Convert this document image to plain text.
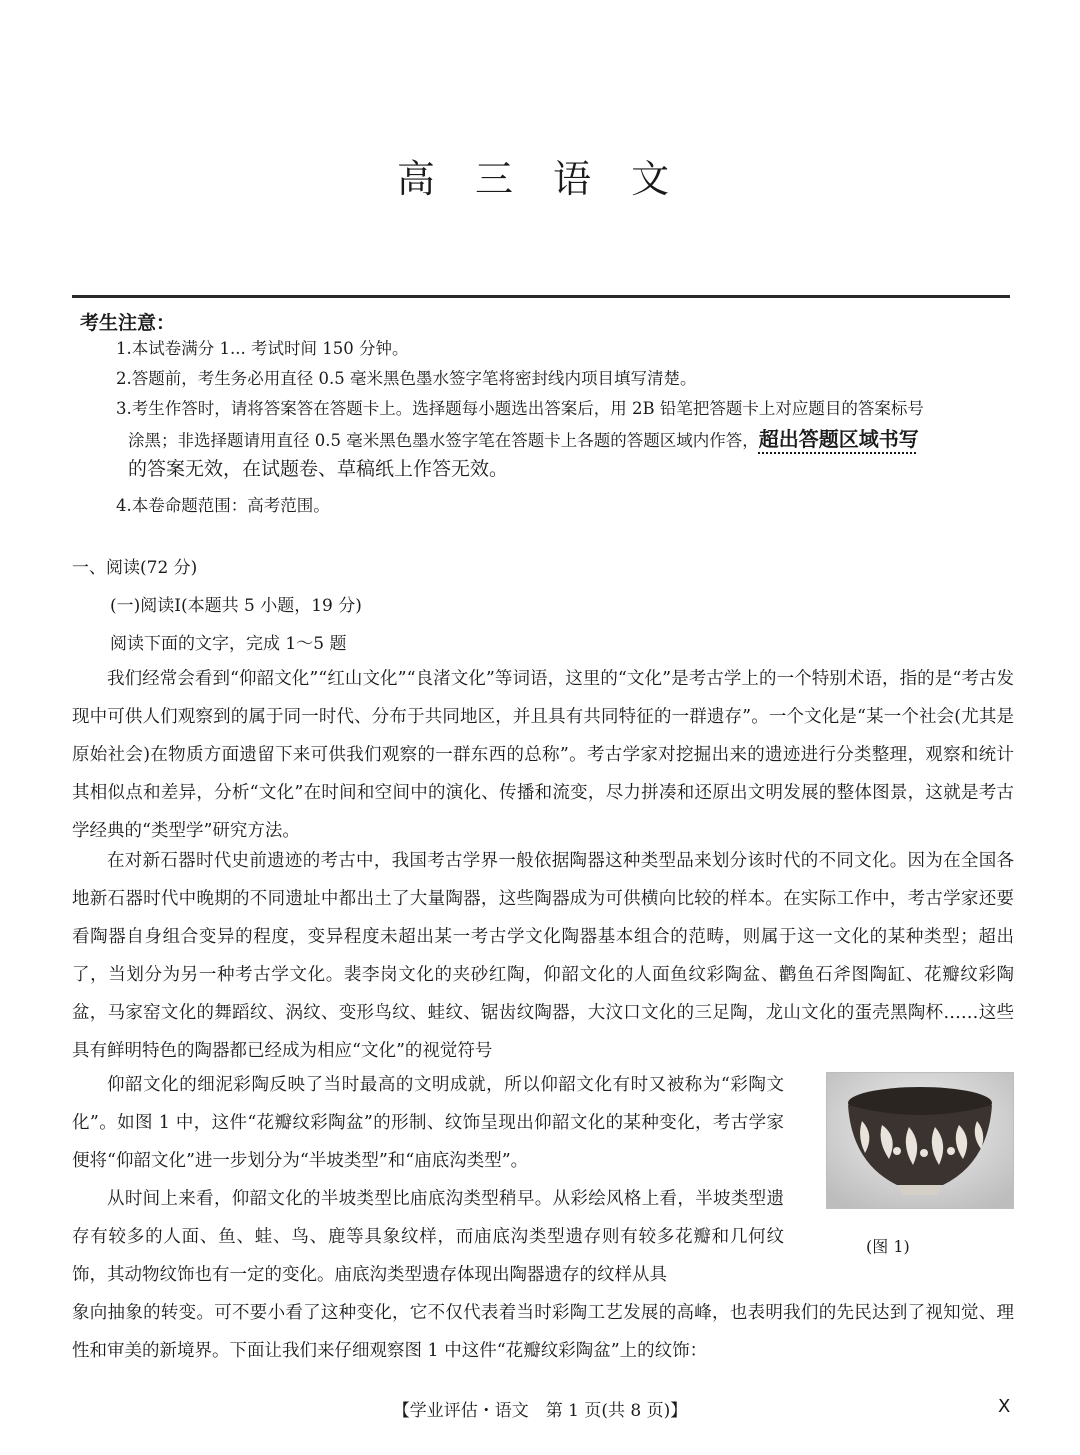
高 三 语 文
考生注意：
1.本试卷满分 1... 考试时间 150 分钟。
2.答题前，考生务必用直径 0.5 毫米黑色墨水签字笔将密封线内项目填写清楚。
3.考生作答时，请将答案答在答题卡上。选择题每小题选出答案后，用 2B 铅笔把答题卡上对应题目的答案标号
涂黑；非选择题请用直径 0.5 毫米黑色墨水签字笔在答题卡上各题的答题区域内作答，超出答题区域书写
的答案无效，在试题卷、草稿纸上作答无效。
4.本卷命题范围：高考范围。
一、阅读(72 分)
(一)阅读Ⅰ(本题共 5 小题，19 分)
阅读下面的文字，完成 1～5 题
我们经常会看到“仰韶文化”“红山文化”“良渚文化”等词语，这里的“文化”是考古学上的一个特别术语，指的是“考古发现中可供人们观察到的属于同一时代、分布于共同地区，并且具有共同特征的一群遗存”。一个文化是“某一个社会(尤其是原始社会)在物质方面遗留下来可供我们观察的一群东西的总称”。考古学家对挖掘出来的遗迹进行分类整理，观察和统计其相似点和差异，分析“文化”在时间和空间中的演化、传播和流变，尽力拼凑和还原出文明发展的整体图景，这就是考古学经典的“类型学”研究方法。
在对新石器时代史前遗迹的考古中，我国考古学界一般依据陶器这种类型品来划分该时代的不同文化。因为在全国各地新石器时代中晚期的不同遗址中都出土了大量陶器，这些陶器成为可供横向比较的样本。在实际工作中，考古学家还要看陶器自身组合变异的程度，变异程度未超出某一考古学文化陶器基本组合的范畴，则属于这一文化的某种类型；超出了，当划分为另一种考古学文化。裴李岗文化的夹砂红陶，仰韶文化的人面鱼纹彩陶盆、鹳鱼石斧图陶缸、花瓣纹彩陶盆，马家窑文化的舞蹈纹、涡纹、变形鸟纹、蛙纹、锯齿纹陶器，大汶口文化的三足陶，龙山文化的蛋壳黑陶杯……这些具有鲜明特色的陶器都已经成为相应“文化”的视觉符号
仰韶文化的细泥彩陶反映了当时最高的文明成就，所以仰韶文化有时又被称为“彩陶文化”。如图 1 中，这件“花瓣纹彩陶盆”的形制、纹饰呈现出仰韶文化的某种变化，考古学家便将“仰韶文化”进一步划分为“半坡类型”和“庙底沟类型”。
从时间上来看，仰韶文化的半坡类型比庙底沟类型稍早。从彩绘风格上看，半坡类型遗存有较多的人面、鱼、蛙、鸟、鹿等具象纹样，而庙底沟类型遗存则有较多花瓣和几何纹饰，其动物纹饰也有一定的变化。庙底沟类型遗存体现出陶器遗存的纹样从具
象向抽象的转变。可不要小看了这种变化，它不仅代表着当时彩陶工艺发展的高峰，也表明我们的先民达到了视知觉、理性和审美的新境界。下面让我们来仔细观察图 1 中这件“花瓣纹彩陶盆”上的纹饰：
(图 1)
【学业评估・语文　第 1 页(共 8 页)】	X
